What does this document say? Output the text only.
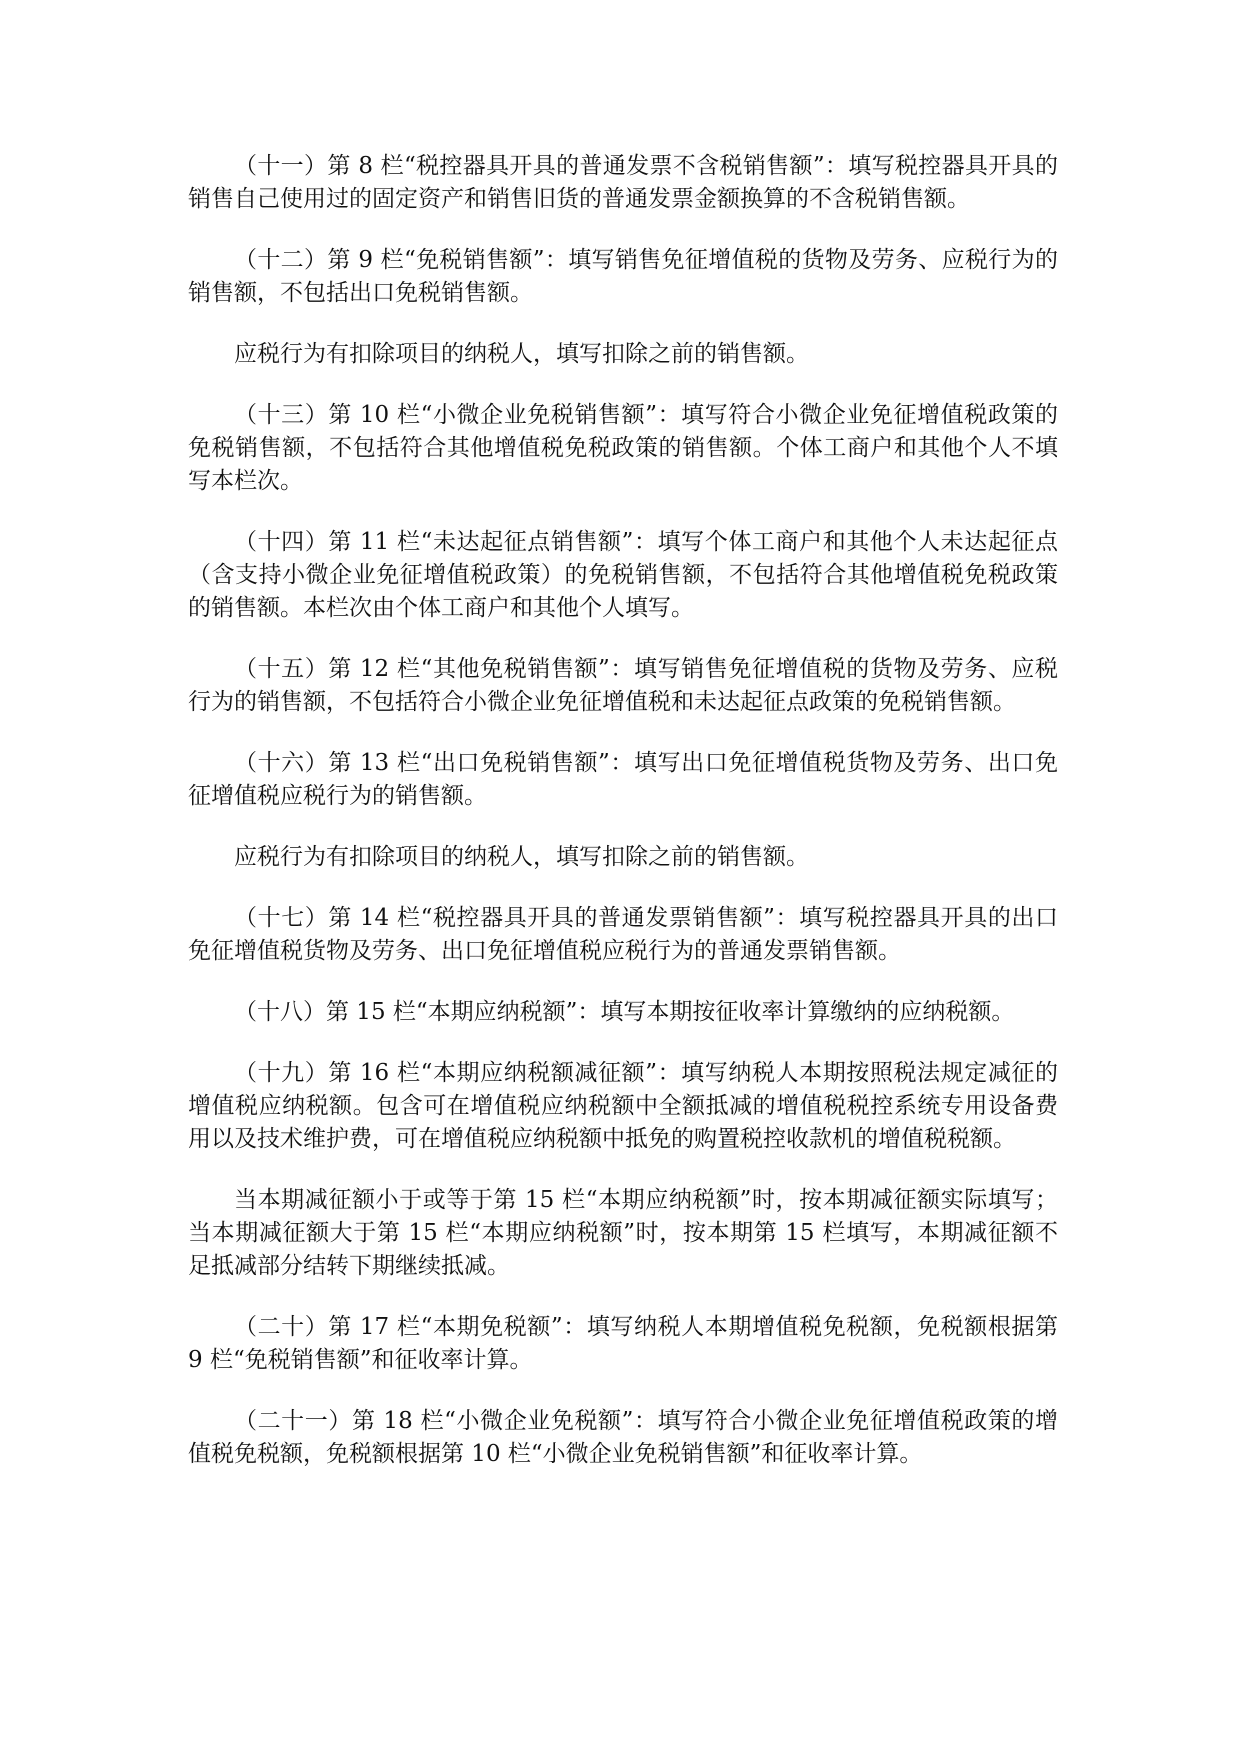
（十一）第 8 栏“税控器具开具的普通发票不含税销售额”：填写税控器具开具的销售自己使用过的固定资产和销售旧货的普通发票金额换算的不含税销售额。

（十二）第 9 栏“免税销售额”：填写销售免征增值税的货物及劳务、应税行为的销售额，不包括出口免税销售额。

应税行为有扣除项目的纳税人，填写扣除之前的销售额。

（十三）第 10 栏“小微企业免税销售额”：填写符合小微企业免征增值税政策的免税销售额，不包括符合其他增值税免税政策的销售额。个体工商户和其他个人不填写本栏次。

（十四）第 11 栏“未达起征点销售额”：填写个体工商户和其他个人未达起征点（含支持小微企业免征增值税政策）的免税销售额，不包括符合其他增值税免税政策的销售额。本栏次由个体工商户和其他个人填写。

（十五）第 12 栏“其他免税销售额”：填写销售免征增值税的货物及劳务、应税行为的销售额，不包括符合小微企业免征增值税和未达起征点政策的免税销售额。

（十六）第 13 栏“出口免税销售额”：填写出口免征增值税货物及劳务、出口免征增值税应税行为的销售额。

应税行为有扣除项目的纳税人，填写扣除之前的销售额。

（十七）第 14 栏“税控器具开具的普通发票销售额”：填写税控器具开具的出口免征增值税货物及劳务、出口免征增值税应税行为的普通发票销售额。

（十八）第 15 栏“本期应纳税额”：填写本期按征收率计算缴纳的应纳税额。

（十九）第 16 栏“本期应纳税额减征额”：填写纳税人本期按照税法规定减征的增值税应纳税额。包含可在增值税应纳税额中全额抵减的增值税税控系统专用设备费用以及技术维护费，可在增值税应纳税额中抵免的购置税控收款机的增值税税额。

当本期减征额小于或等于第 15 栏“本期应纳税额”时，按本期减征额实际填写；当本期减征额大于第 15 栏“本期应纳税额”时，按本期第 15 栏填写，本期减征额不足抵减部分结转下期继续抵减。

（二十）第 17 栏“本期免税额”：填写纳税人本期增值税免税额，免税额根据第 9 栏“免税销售额”和征收率计算。

（二十一）第 18 栏“小微企业免税额”：填写符合小微企业免征增值税政策的增值税免税额，免税额根据第 10 栏“小微企业免税销售额”和征收率计算。
